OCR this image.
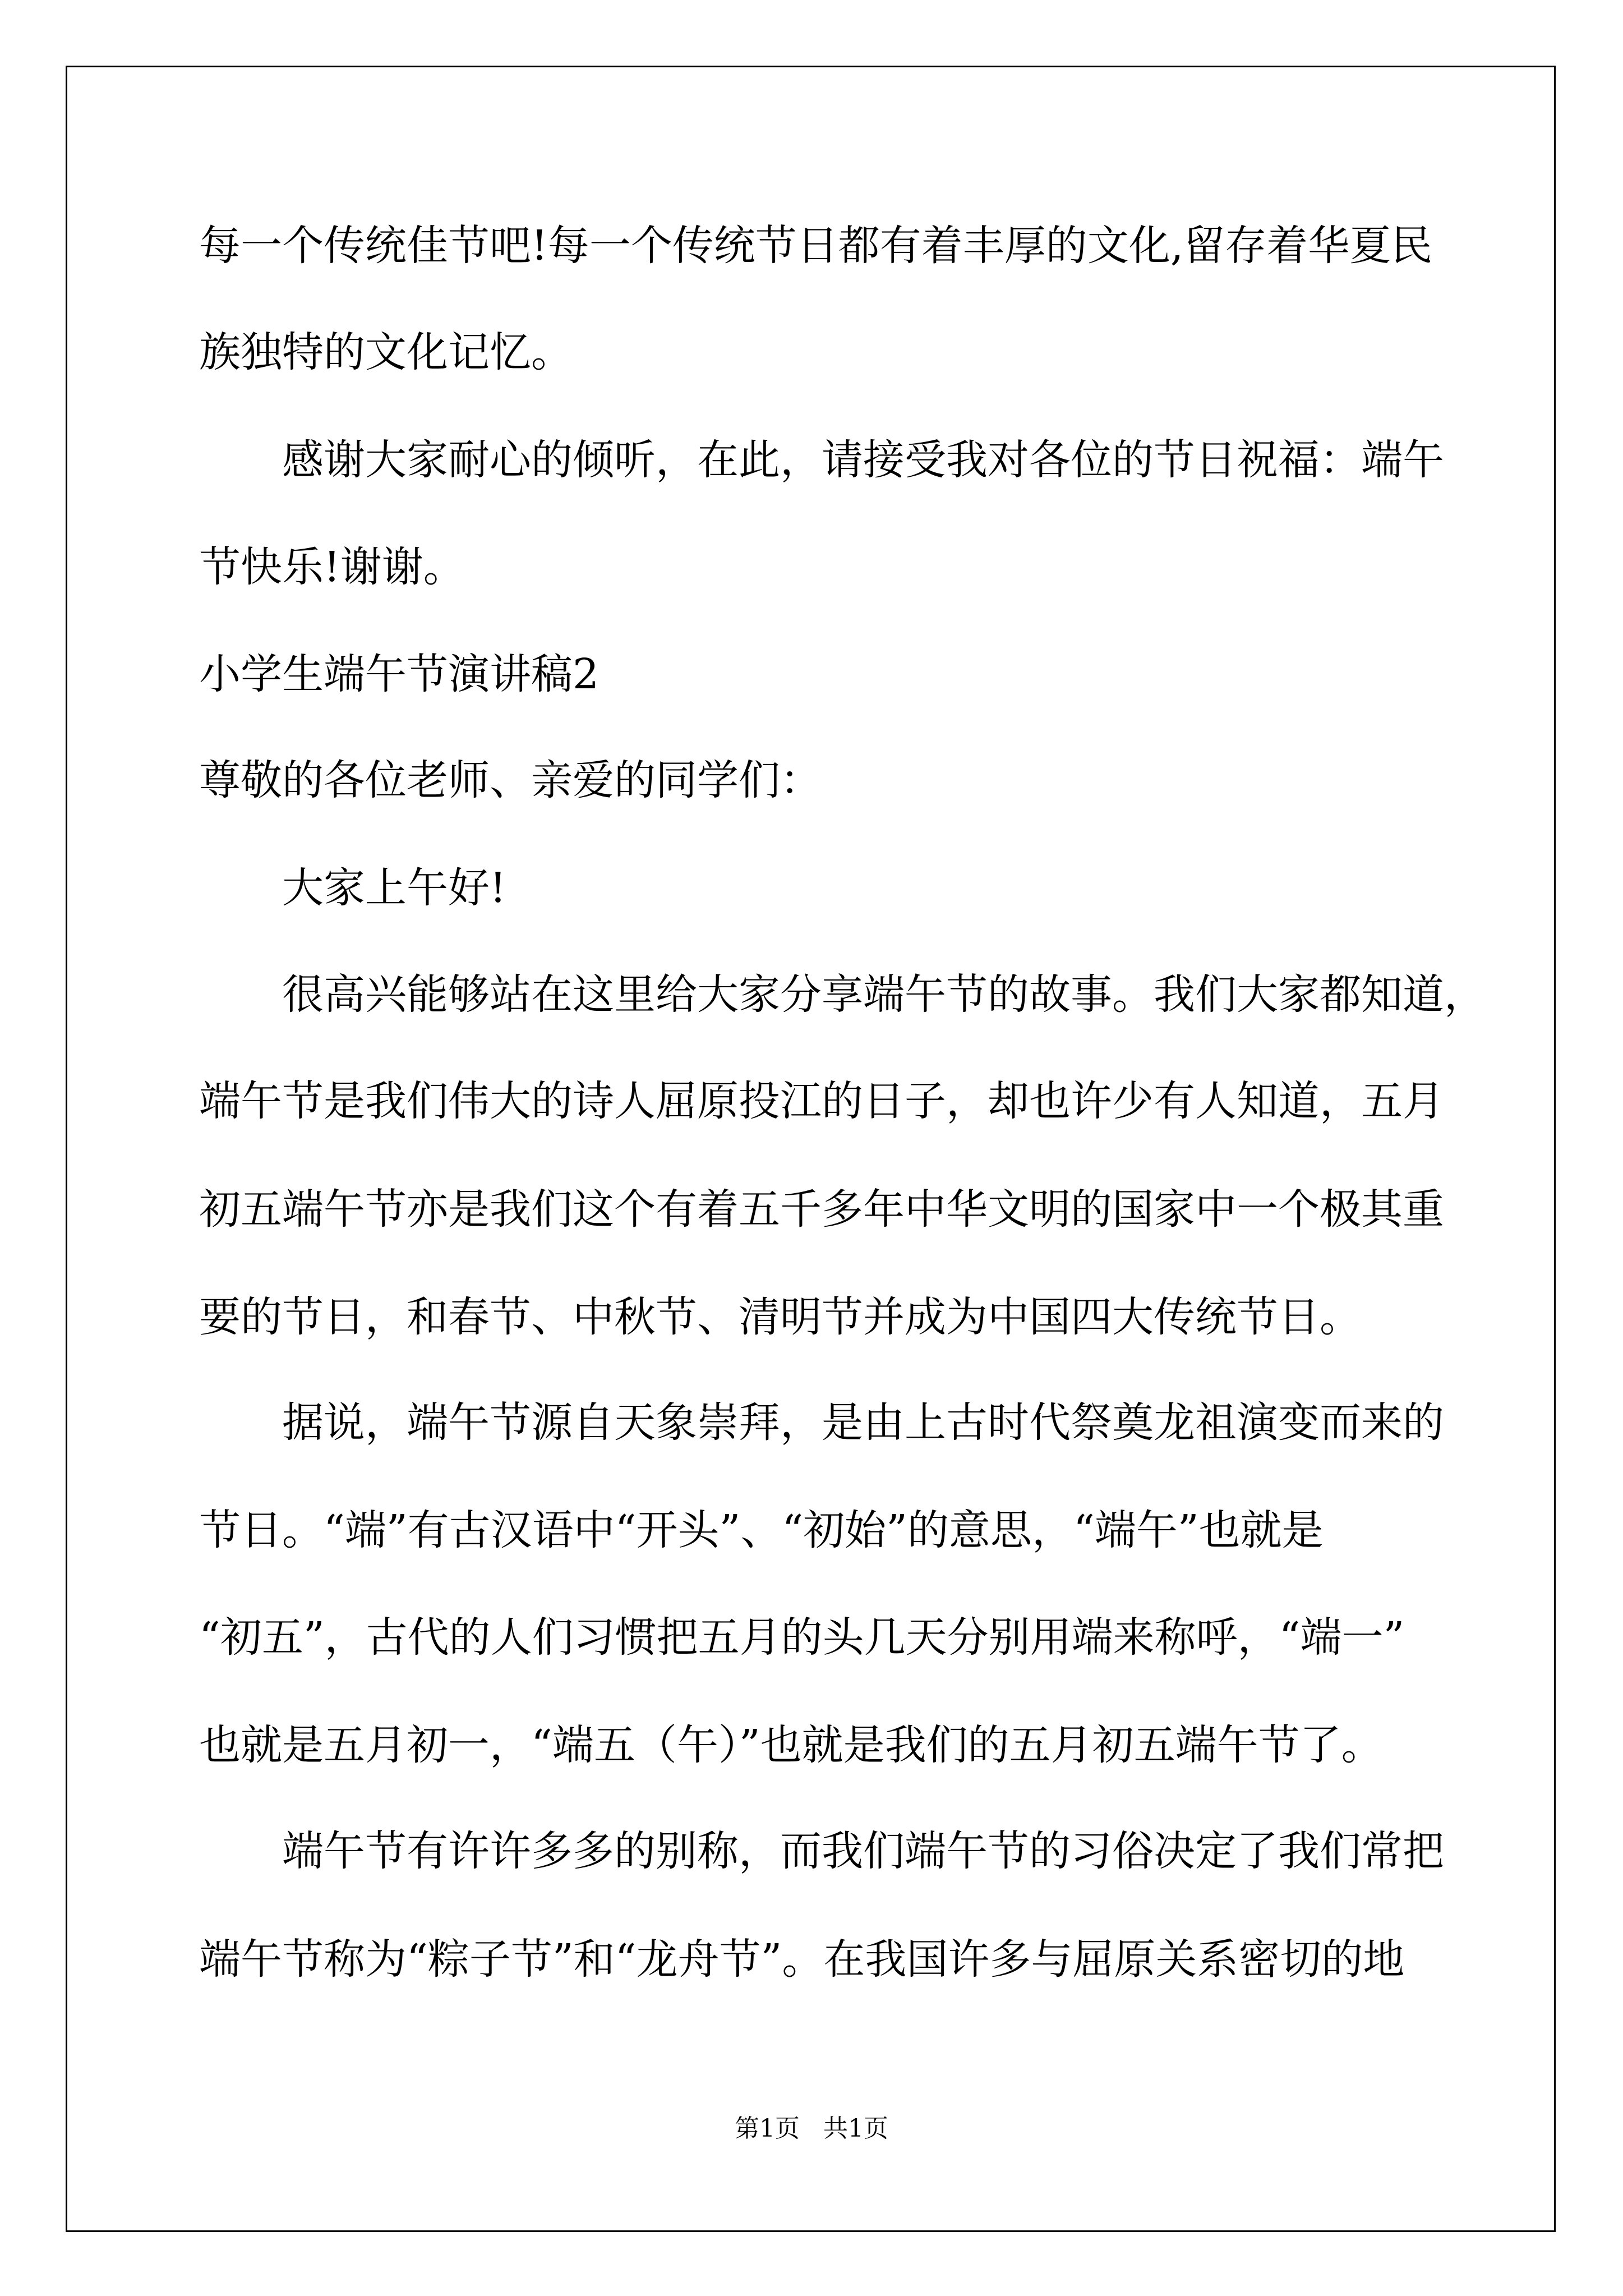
每一个传统佳节吧!每一个传统节日都有着丰厚的文化,留存着华夏民

族独特的文化记忆。

感谢大家耐心的倾听，在此，请接受我对各位的节日祝福：端午

节快乐!谢谢。

小学生端午节演讲稿2

尊敬的各位老师、亲爱的同学们：

大家上午好!

很高兴能够站在这里给大家分享端午节的故事。我们大家都知道，

端午节是我们伟大的诗人屈原投江的日子，却也许少有人知道，五月

初五端午节亦是我们这个有着五千多年中华文明的国家中一个极其重

要的节日，和春节、中秋节、清明节并成为中国四大传统节日。

据说，端午节源自天象崇拜，是由上古时代祭奠龙祖演变而来的

节日。“端”有古汉语中“开头”、“初始”的意思，“端午”也就是

“初五”，古代的人们习惯把五月的头几天分别用端来称呼，“端一”

也就是五月初一，“端五（午）”也就是我们的五月初五端午节了。

端午节有许许多多的别称，而我们端午节的习俗决定了我们常把

端午节称为“粽子节”和“龙舟节”。在我国许多与屈原关系密切的地

第1页   共1页
